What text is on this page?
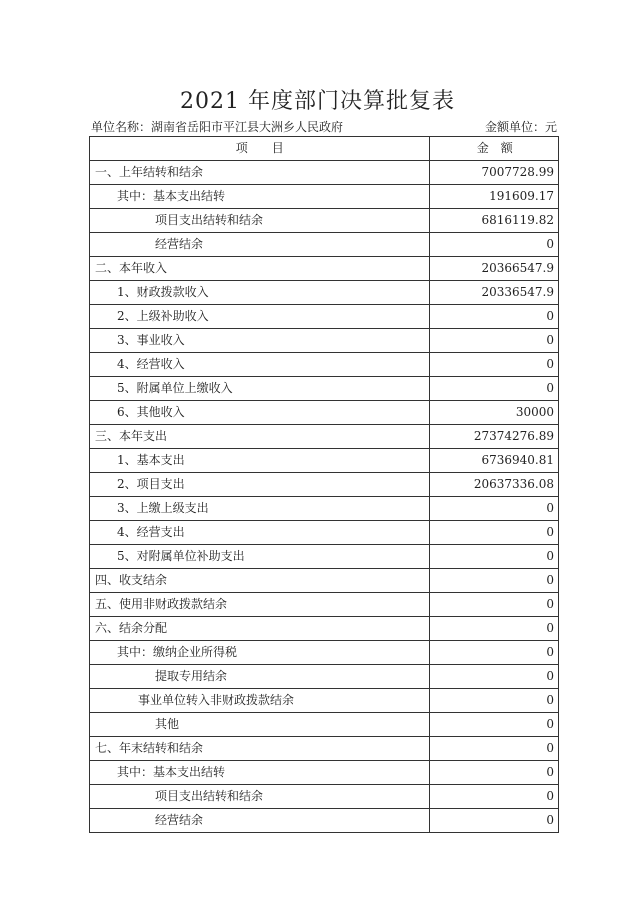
2021 年度部门决算批复表
单位名称：湖南省岳阳市平江县大洲乡人民政府	金额单位：元
项　　目	金　额
一、上年结转和结余	7007728.99
其中：基本支出结转	191609.17
项目支出结转和结余	6816119.82
经营结余	0
二、本年收入	20366547.9
1、财政拨款收入	20336547.9
2、上级补助收入	0
3、事业收入	0
4、经营收入	0
5、附属单位上缴收入	0
6、其他收入	30000
三、本年支出	27374276.89
1、基本支出	6736940.81
2、项目支出	20637336.08
3、上缴上级支出	0
4、经营支出	0
5、对附属单位补助支出	0
四、收支结余	0
五、使用非财政拨款结余	0
六、结余分配	0
其中：缴纳企业所得税	0
提取专用结余	0
事业单位转入非财政拨款结余	0
其他	0
七、年末结转和结余	0
其中：基本支出结转	0
项目支出结转和结余	0
经营结余	0
